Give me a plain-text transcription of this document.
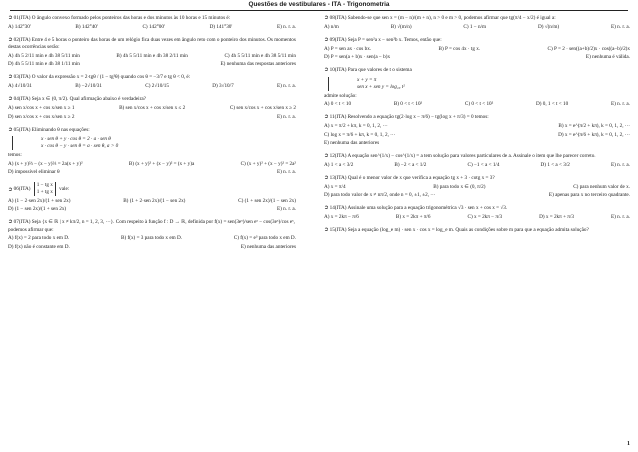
Questões de vestibulares - ITA - Trigonometria
➲01(ITA) O ângulo convexo formado pelos ponteiros das horas e dos minutos às 10 horas e 15 minutos é:
A) 142°30'	B) 142°40'	C) 142°00'	D) 141°30'	E) n. r. a.
➲02(ITA) Entre 4 e 5 horas o ponteiro das horas de um relógio fica duas vezes em ângulo reto com o ponteiro dos minutos. Os momentos destas ocorrências serão:
A) 4h 5 2/11 min e 4h 38 5/11 min	B) 4h 5 5/11 min e 4h 38 2/11 min	C) 4h 5 5/11 min e 4h 38 5/11 min
D) 4h 5 5/11 min e 4h 38 1/11 min	E) nenhuma das respostas anteriores
➲03(ITA) O valor da expressão x = 2·tgθ / (1 − tg²θ) quando cos θ = −3/7 e tg θ < 0, é:
A) 4√10/31	B) −2√10/31	C) 2√10/15	D) 3√10/7	E) n. r. a.
➲04(ITA) Seja x ∈ (0, π/2). Qual afirmação abaixo é verdadeira?
A) sen x/cos x + cos x/sen x ≥ 1	B) sen x/cos x + cos x/sen x ≤ 2	C) sen x/cos x + cos x/sen x ≥ 2
D) sen x/cos x + cos x/sen x ≥ 2	E) n. r. a.
➲05(ITA) Eliminando θ nas equações:
x · sen θ + y · cos θ = 2 · a · sen θ
x · cos θ − y · sen θ = a · sen θ, a > 0
temos:
A) (x + y)⅔ − (x − y)⅔ = 2a(x + y)²	B) (x + y)² + (x − y)² = (x + y)a	C) (x + y)² + (x − y)² = 2a²
D) impossível eliminar θ	E) n. r. a.
➲06(ITA)
1 − tg x
1 + tg x vale:
A) (1 − 2·sen 2x)/(1 + sen 2x)	B) (1 + 2·sen 2x)/(1 − sen 2x)	C) (1 + sen 2x)/(1 − sen 2x)
D) (1 − sen 2x)/(1 + sen 2x)	E) n. r. a.
➲07(ITA) Seja {x ∈ ℝ | x ≠ kπ/2, n = 1, 2, 3, ···}. Com respeito à função f : D → ℝ, definida por f(x) = sen(3eˣ)/sen eˣ − cos(3eˣ)/cos eˣ, podemos afirmar que:
A) f(x) = 2 para todo x em D.	B) f(x) = 3 para todo x em D.	C) f(x) = e³ para todo x em D.
D) f(x) não é constante em D.	E) nenhuma das anteriores
➲08(ITA) Sabendo-se que sen x = (m − n)/(m + n), n > 0 e m > 0, podemos afirmar que tg(π/4 − x/2) é igual a:
A) n/m	B) √(m/n)	C) 1 − n/m	D) √(n/m)	E) n. r. a.
➲09(ITA) Seja P = sen²a x − sen²b x. Temos, então que:
A) P = sen ax · cos bx.	B) P = cos 4x · tg x.	C) P = 2 · sen((a+b)/2)x · cos((a−b)/2)x
D) P = sen(a + b)x · sen(a − b)x	E) nenhuma é válida.
➲10(ITA) Para que valores de t o sistema
x + y = π
sen x + sen y = log₁₀ t²
admite solução:
A) 0 < t < 10	B) 0 < t < 10²	C) 0 < t < 10²	D) 0, 1 < t < 10	E) n. r. a.
➲11(ITA) Resolvendo a equação tg(2·log x − π/6) − tg(log x + π/3) = 0 temos:
A) x = π/2 + kπ, k = 0, 1, 2, ···	B) x = e^(π/2 + kπ), k = 0, 1, 2, ···
C) log x = π/6 + kπ, k = 0, 1, 2, ···	D) x = e^(π/6 + kπ), k = 0, 1, 2, ···
E) nenhuma das anteriores
➲12(ITA) A equação sen^(1/x) − cos^(1/x) = a tem solução para valores particulares de a. Assinale o item que lhe parecer correto.
A) 1 < a < 3/2	B) −2 < a < 1/2	C) −1 < a < 1/4	D) 1 < a < 3/2	E) n. r. a.
➲13(ITA) Qual é o menor valor de x que verifica a equação tg x + 3 · cotg x = 3?
A) x = π/4	B) para todo x ∈ (0, π/2)	C) para nenhum valor de x.
D) para todo valor de x ≠ nπ/2, onde n = 0, ±1, ±2, ···	E) apenas para x no terceiro quadrante.
➲14(ITA) Assinale uma solução para a equação trigonométrica √3 · sen x + cos x = √3.
A) x = 2kπ − π/6	B) x = 2kπ + π/6	C) x = 2kπ − π/3	D) x = 2kπ + π/3	E) n. r. a.
➲15(ITA) Seja a equação (log_e m) · sen x · cos x = log_e m. Quais as condições sobre m para que a equação admita solução?
1
